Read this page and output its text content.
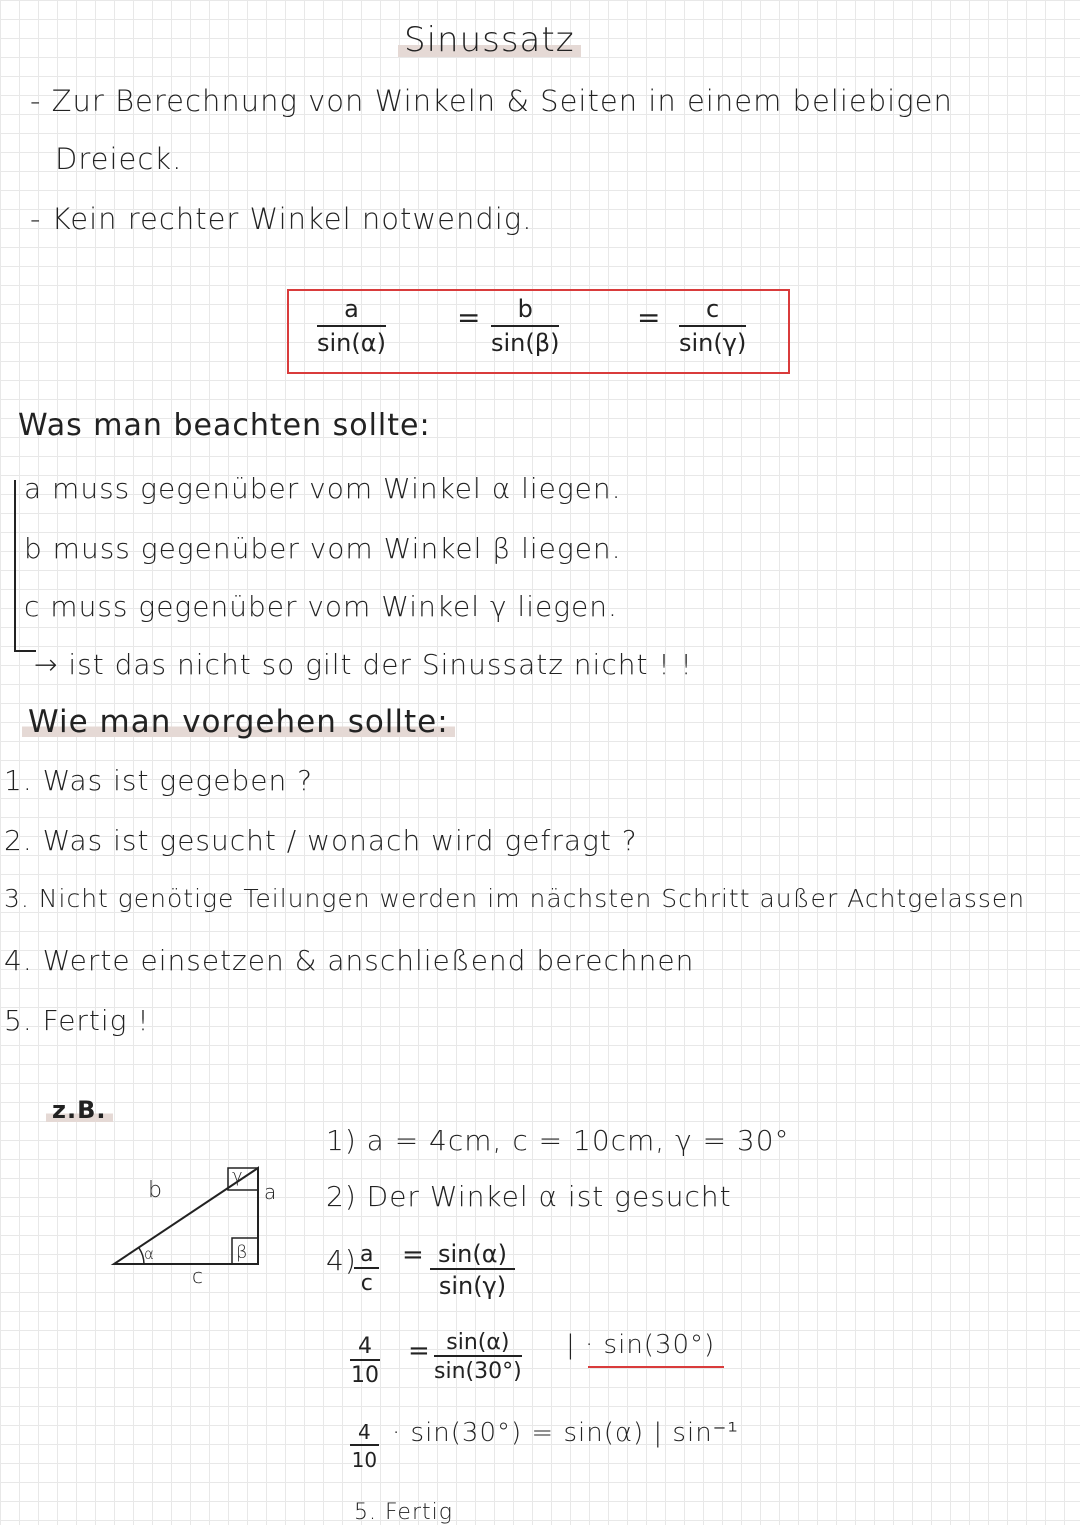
Sinussatz
- Zur Berechnung von Winkeln & Seiten in einem beliebigen
Dreieck.
- Kein rechter Winkel notwendig.
$\frac{a}{\sin(\alpha)}$	= $\frac{b}{\sin(\beta)}$	= $\frac{c}{\sin(\gamma)}$
Was man beachten sollte:
a muss gegenüber vom Winkel α liegen.
b muss gegenüber vom Winkel β liegen.
c muss gegenüber vom Winkel γ liegen.
→ ist das nicht so gilt der Sinussatz nicht ! !
Wie man vorgehen sollte:
1. Was ist gegeben ?
2. Was ist gesucht / wonach wird gefragt ?
3. Nicht genötige Teilungen werden im nächsten Schritt außer Achtgelassen
4. Werte einsetzen & anschließend berechnen
5. Fertig !
z.B.
b	a
c
α	β
γ
1) a = 4cm, c = 10cm, γ = 30°
2) Der Winkel α ist gesucht
4)
$\frac{a}{c} = \frac{\sin(\alpha)}{\sin(\gamma)}$
$\frac{4}{10} = \frac{\sin(\alpha)}{\sin(30^\circ)}$ | · sin(30°)
$\frac{4}{10} \cdot \sin(30^\circ) = \sin(\alpha)$ | sin⁻¹
5. Fertig
